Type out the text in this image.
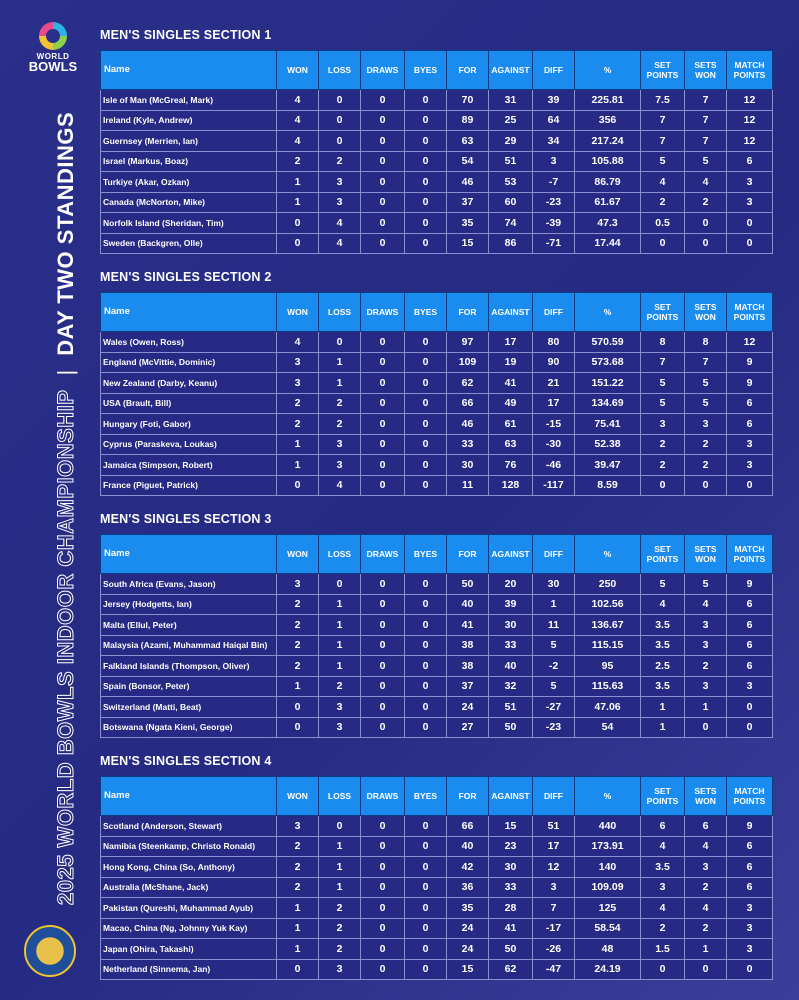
WORLD
BOWLS
2025 WORLD BOWLS INDOOR CHAMPIONSHIP
|
DAY TWO STANDINGS
MEN'S SINGLES SECTION 1
Name	WON	LOSS	DRAWS	BYES	FOR	AGAINST	DIFF	%	SET POINTS	SETS WON	MATCH POINTS
Isle of Man (McGreal, Mark)	4	0	0	0	70	31	39	225.81	7.5	7	12
Ireland (Kyle, Andrew)	4	0	0	0	89	25	64	356	7	7	12
Guernsey (Merrien, Ian)	4	0	0	0	63	29	34	217.24	7	7	12
Israel (Markus, Boaz)	2	2	0	0	54	51	3	105.88	5	5	6
Turkiye (Akar, Ozkan)	1	3	0	0	46	53	-7	86.79	4	4	3
Canada (McNorton, Mike)	1	3	0	0	37	60	-23	61.67	2	2	3
Norfolk Island (Sheridan, Tim)	0	4	0	0	35	74	-39	47.3	0.5	0	0
Sweden (Backgren, Olle)	0	4	0	0	15	86	-71	17.44	0	0	0
MEN'S SINGLES SECTION 2
Name	WON	LOSS	DRAWS	BYES	FOR	AGAINST	DIFF	%	SET POINTS	SETS WON	MATCH POINTS
Wales (Owen, Ross)	4	0	0	0	97	17	80	570.59	8	8	12
England (McVittie, Dominic)	3	1	0	0	109	19	90	573.68	7	7	9
New Zealand (Darby, Keanu)	3	1	0	0	62	41	21	151.22	5	5	9
USA (Brault, Bill)	2	2	0	0	66	49	17	134.69	5	5	6
Hungary (Foti, Gabor)	2	2	0	0	46	61	-15	75.41	3	3	6
Cyprus (Paraskeva, Loukas)	1	3	0	0	33	63	-30	52.38	2	2	3
Jamaica (Simpson, Robert)	1	3	0	0	30	76	-46	39.47	2	2	3
France (Piguet, Patrick)	0	4	0	0	11	128	-117	8.59	0	0	0
MEN'S SINGLES SECTION 3
Name	WON	LOSS	DRAWS	BYES	FOR	AGAINST	DIFF	%	SET POINTS	SETS WON	MATCH POINTS
South Africa (Evans, Jason)	3	0	0	0	50	20	30	250	5	5	9
Jersey (Hodgetts, Ian)	2	1	0	0	40	39	1	102.56	4	4	6
Malta (Ellul, Peter)	2	1	0	0	41	30	11	136.67	3.5	3	6
Malaysia (Azami, Muhammad Haiqal Bin)	2	1	0	0	38	33	5	115.15	3.5	3	6
Falkland Islands (Thompson, Oliver)	2	1	0	0	38	40	-2	95	2.5	2	6
Spain (Bonsor, Peter)	1	2	0	0	37	32	5	115.63	3.5	3	3
Switzerland (Matti, Beat)	0	3	0	0	24	51	-27	47.06	1	1	0
Botswana (Ngata Kieni, George)	0	3	0	0	27	50	-23	54	1	0	0
MEN'S SINGLES SECTION 4
Name	WON	LOSS	DRAWS	BYES	FOR	AGAINST	DIFF	%	SET POINTS	SETS WON	MATCH POINTS
Scotland (Anderson, Stewart)	3	0	0	0	66	15	51	440	6	6	9
Namibia (Steenkamp, Christo Ronald)	2	1	0	0	40	23	17	173.91	4	4	6
Hong Kong, China (So, Anthony)	2	1	0	0	42	30	12	140	3.5	3	6
Australia (McShane, Jack)	2	1	0	0	36	33	3	109.09	3	2	6
Pakistan (Qureshi, Muhammad Ayub)	1	2	0	0	35	28	7	125	4	4	3
Macao, China (Ng, Johnny Yuk Kay)	1	2	0	0	24	41	-17	58.54	2	2	3
Japan (Ohira, Takashi)	1	2	0	0	24	50	-26	48	1.5	1	3
Netherland (Sinnema, Jan)	0	3	0	0	15	62	-47	24.19	0	0	0
